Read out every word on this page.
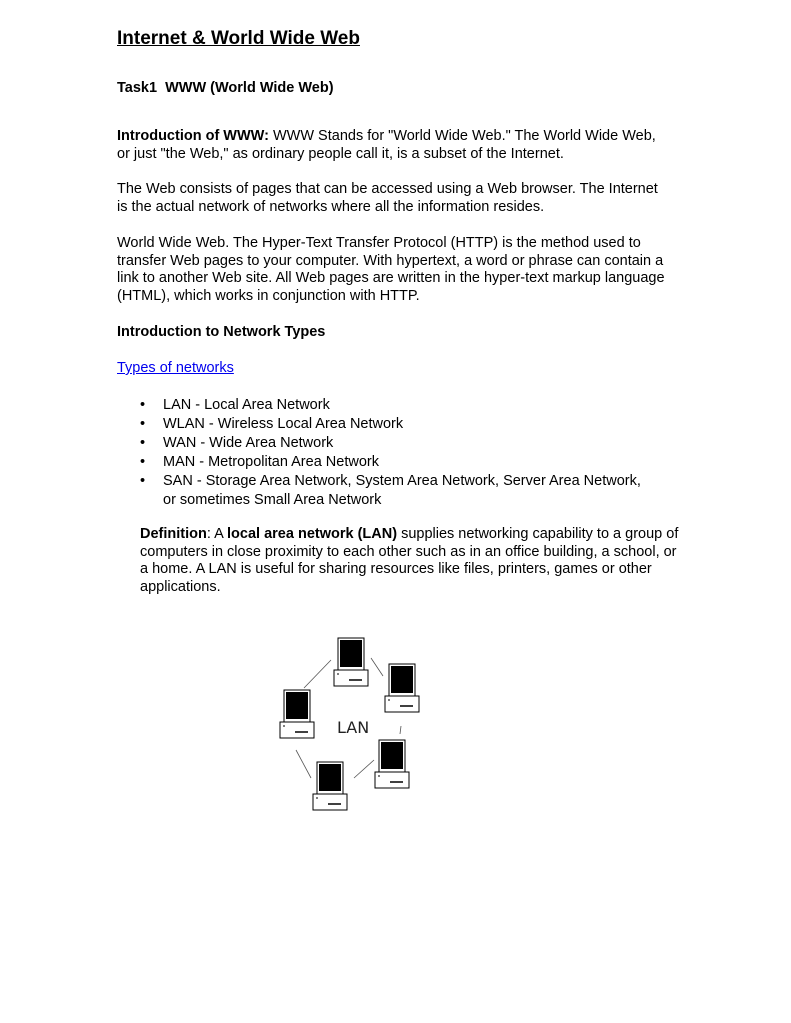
Internet & World Wide Web

Task1  WWW (World Wide Web)

Introduction of WWW: WWW Stands for "World Wide Web." The World Wide Web, or just "the Web," as ordinary people call it, is a subset of the Internet.

The Web consists of pages that can be accessed using a Web browser. The Internet is the actual network of networks where all the information resides.

World Wide Web. The Hyper-Text Transfer Protocol (HTTP) is the method used to transfer Web pages to your computer. With hypertext, a word or phrase can contain a link to another Web site. All Web pages are written in the hyper-text markup language (HTML), which works in conjunction with HTTP.

Introduction to Network Types

Types of networks
• LAN - Local Area Network
• WLAN - Wireless Local Area Network
• WAN - Wide Area Network
• MAN - Metropolitan Area Network
• SAN - Storage Area Network, System Area Network, Server Area Network, or sometimes Small Area Network

Definition: A local area network (LAN) supplies networking capability to a group of computers in close proximity to each other such as in an office building, a school, or a home. A LAN is useful for sharing resources like files, printers, games or other applications.

LAN
